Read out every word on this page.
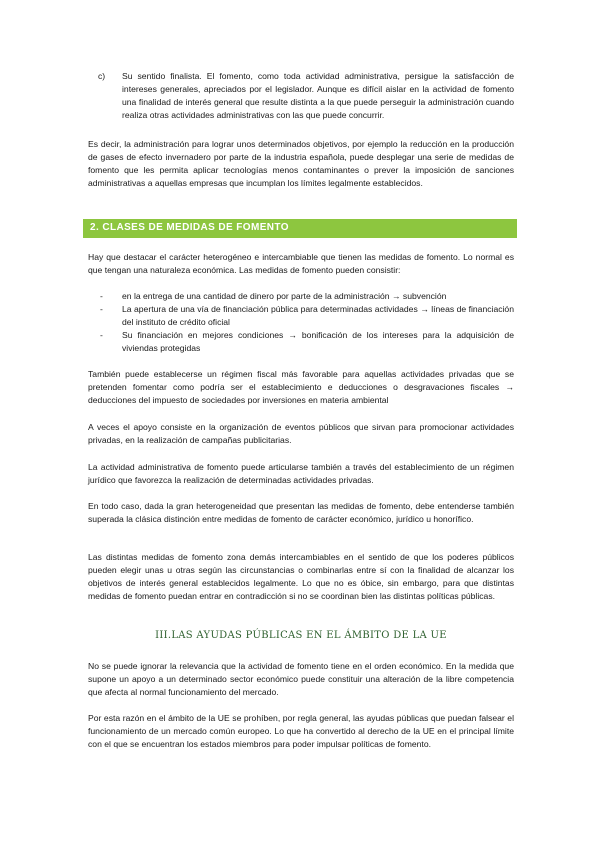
c)	Su sentido finalista. El fomento, como toda actividad administrativa, persigue la satisfacción de intereses generales, apreciados por el legislador. Aunque es difícil aislar en la actividad de fomento una finalidad de interés general que resulte distinta a la que puede perseguir la administración cuando realiza otras actividades administrativas con las que puede concurrir.

Es decir, la administración para lograr unos determinados objetivos, por ejemplo la reducción en la producción de gases de efecto invernadero por parte de la industria española, puede desplegar una serie de medidas de fomento que les permita aplicar tecnologías menos contaminantes o prever la imposición de sanciones administrativas a aquellas empresas que incumplan los límites legalmente establecidos.

2. CLASES DE MEDIDAS DE FOMENTO

Hay que destacar el carácter heterogéneo e intercambiable que tienen las medidas de fomento. Lo normal es que tengan una naturaleza económica. Las medidas de fomento pueden consistir:

-	en la entrega de una cantidad de dinero por parte de la administración → subvención

-	La apertura de una vía de financiación pública para determinadas actividades → líneas de financiación del instituto de crédito oficial

-	Su financiación en mejores condiciones → bonificación de los intereses para la adquisición de viviendas protegidas

También puede establecerse un régimen fiscal más favorable para aquellas actividades privadas que se pretenden fomentar como podría ser el establecimiento e deducciones o desgravaciones fiscales → deducciones del impuesto de sociedades por inversiones en materia ambiental

A veces el apoyo consiste en la organización de eventos públicos que sirvan para promocionar actividades privadas, en la realización de campañas publicitarias.

La actividad administrativa de fomento puede articularse también a través del establecimiento de un régimen jurídico que favorezca la realización de determinadas actividades privadas.

En todo caso, dada la gran heterogeneidad que presentan las medidas de fomento, debe entenderse también superada la clásica distinción entre medidas de fomento de carácter económico, jurídico u honorífico.

Las distintas medidas de fomento zona demás intercambiables en el sentido de que los poderes públicos pueden elegir unas u otras según las circunstancias o combinarlas entre sí con la finalidad de alcanzar los objetivos de interés general establecidos legalmente. Lo que no es óbice, sin embargo, para que distintas medidas de fomento puedan entrar en contradicción si no se coordinan bien las distintas políticas públicas.

III.LAS AYUDAS PÚBLICAS EN EL ÁMBITO DE LA UE

No se puede ignorar la relevancia que la actividad de fomento tiene en el orden económico. En la medida que supone un apoyo a un determinado sector económico puede constituir una alteración de la libre competencia que afecta al normal funcionamiento del mercado.

Por esta razón en el ámbito de la UE se prohíben, por regla general, las ayudas públicas que puedan falsear el funcionamiento de un mercado común europeo. Lo que ha convertido al derecho de la UE en el principal límite con el que se encuentran los estados miembros para poder impulsar políticas de fomento.
